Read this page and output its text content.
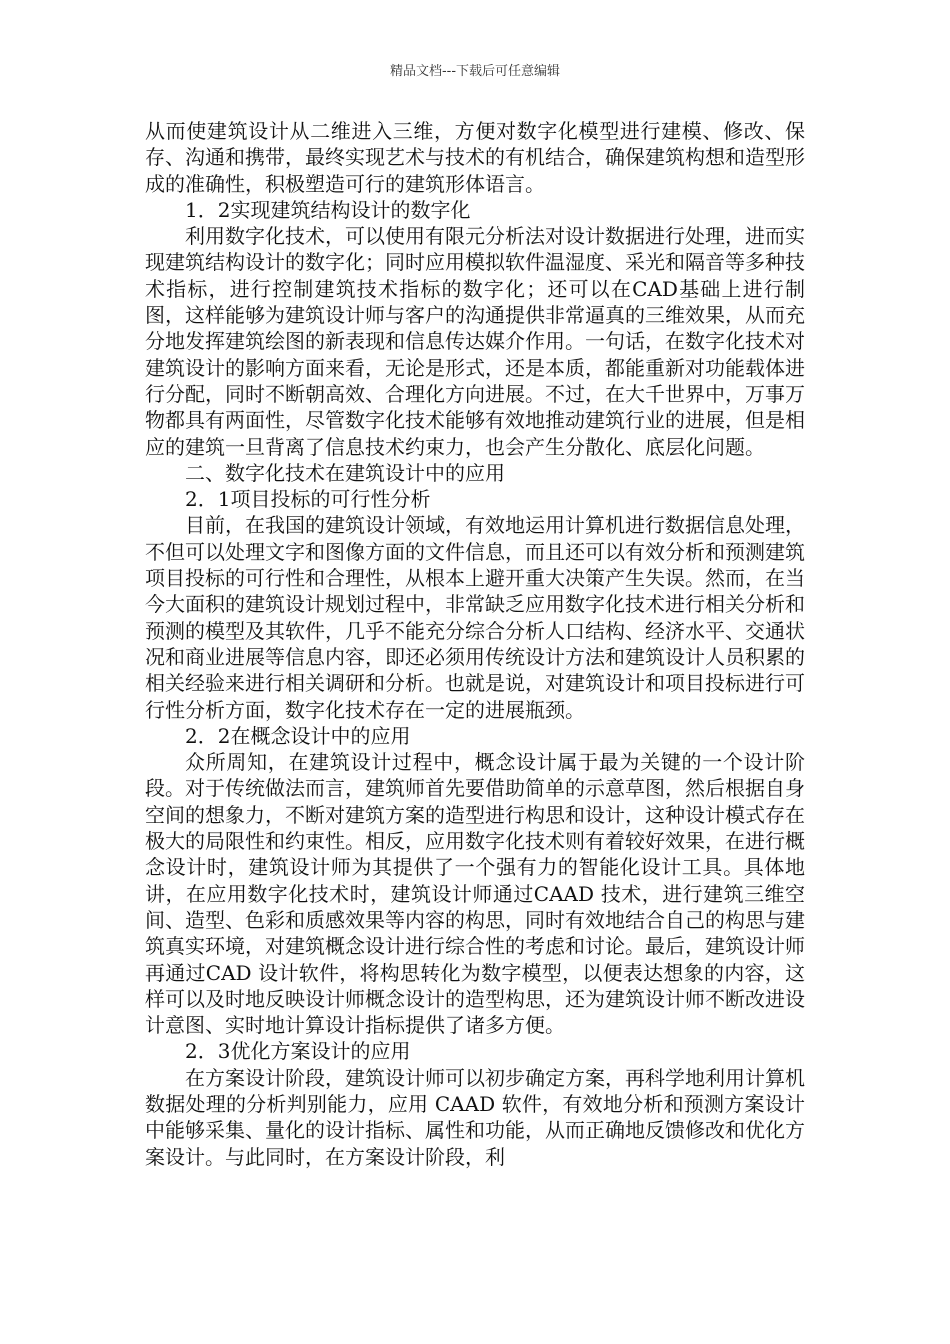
精品文档---下载后可任意编辑

从而使建筑设计从二维进入三维，方便对数字化模型进行建模、修改、保存、沟通和携带，最终实现艺术与技术的有机结合，确保建筑构想和造型形成的准确性，积极塑造可行的建筑形体语言。

1．2实现建筑结构设计的数字化

利用数字化技术，可以使用有限元分析法对设计数据进行处理，进而实现建筑结构设计的数字化；同时应用模拟软件温湿度、采光和隔音等多种技术指标，进行控制建筑技术指标的数字化；还可以在CAD基础上进行制图，这样能够为建筑设计师与客户的沟通提供非常逼真的三维效果，从而充分地发挥建筑绘图的新表现和信息传达媒介作用。一句话，在数字化技术对建筑设计的影响方面来看，无论是形式，还是本质，都能重新对功能载体进行分配，同时不断朝高效、合理化方向进展。不过，在大千世界中，万事万物都具有两面性，尽管数字化技术能够有效地推动建筑行业的进展，但是相应的建筑一旦背离了信息技术约束力，也会产生分散化、底层化问题。

二、数字化技术在建筑设计中的应用

2．1项目投标的可行性分析

目前，在我国的建筑设计领域，有效地运用计算机进行数据信息处理，不但可以处理文字和图像方面的文件信息，而且还可以有效分析和预测建筑项目投标的可行性和合理性，从根本上避开重大决策产生失误。然而，在当今大面积的建筑设计规划过程中，非常缺乏应用数字化技术进行相关分析和预测的模型及其软件，几乎不能充分综合分析人口结构、经济水平、交通状况和商业进展等信息内容，即还必须用传统设计方法和建筑设计人员积累的相关经验来进行相关调研和分析。也就是说，对建筑设计和项目投标进行可行性分析方面，数字化技术存在一定的进展瓶颈。

2．2在概念设计中的应用

众所周知，在建筑设计过程中，概念设计属于最为关键的一个设计阶段。对于传统做法而言，建筑师首先要借助简单的示意草图，然后根据自身空间的想象力，不断对建筑方案的造型进行构思和设计，这种设计模式存在极大的局限性和约束性。相反，应用数字化技术则有着较好效果，在进行概念设计时，建筑设计师为其提供了一个强有力的智能化设计工具。具体地讲，在应用数字化技术时，建筑设计师通过CAAD 技术，进行建筑三维空间、造型、色彩和质感效果等内容的构思，同时有效地结合自己的构思与建筑真实环境，对建筑概念设计进行综合性的考虑和讨论。最后，建筑设计师再通过CAD 设计软件，将构思转化为数字模型，以便表达想象的内容，这样可以及时地反映设计师概念设计的造型构思，还为建筑设计师不断改进设计意图、实时地计算设计指标提供了诸多方便。

2．3优化方案设计的应用

在方案设计阶段，建筑设计师可以初步确定方案，再科学地利用计算机数据处理的分析判别能力，应用 CAAD 软件，有效地分析和预测方案设计中能够采集、量化的设计指标、属性和功能，从而正确地反馈修改和优化方案设计。与此同时，在方案设计阶段，利
